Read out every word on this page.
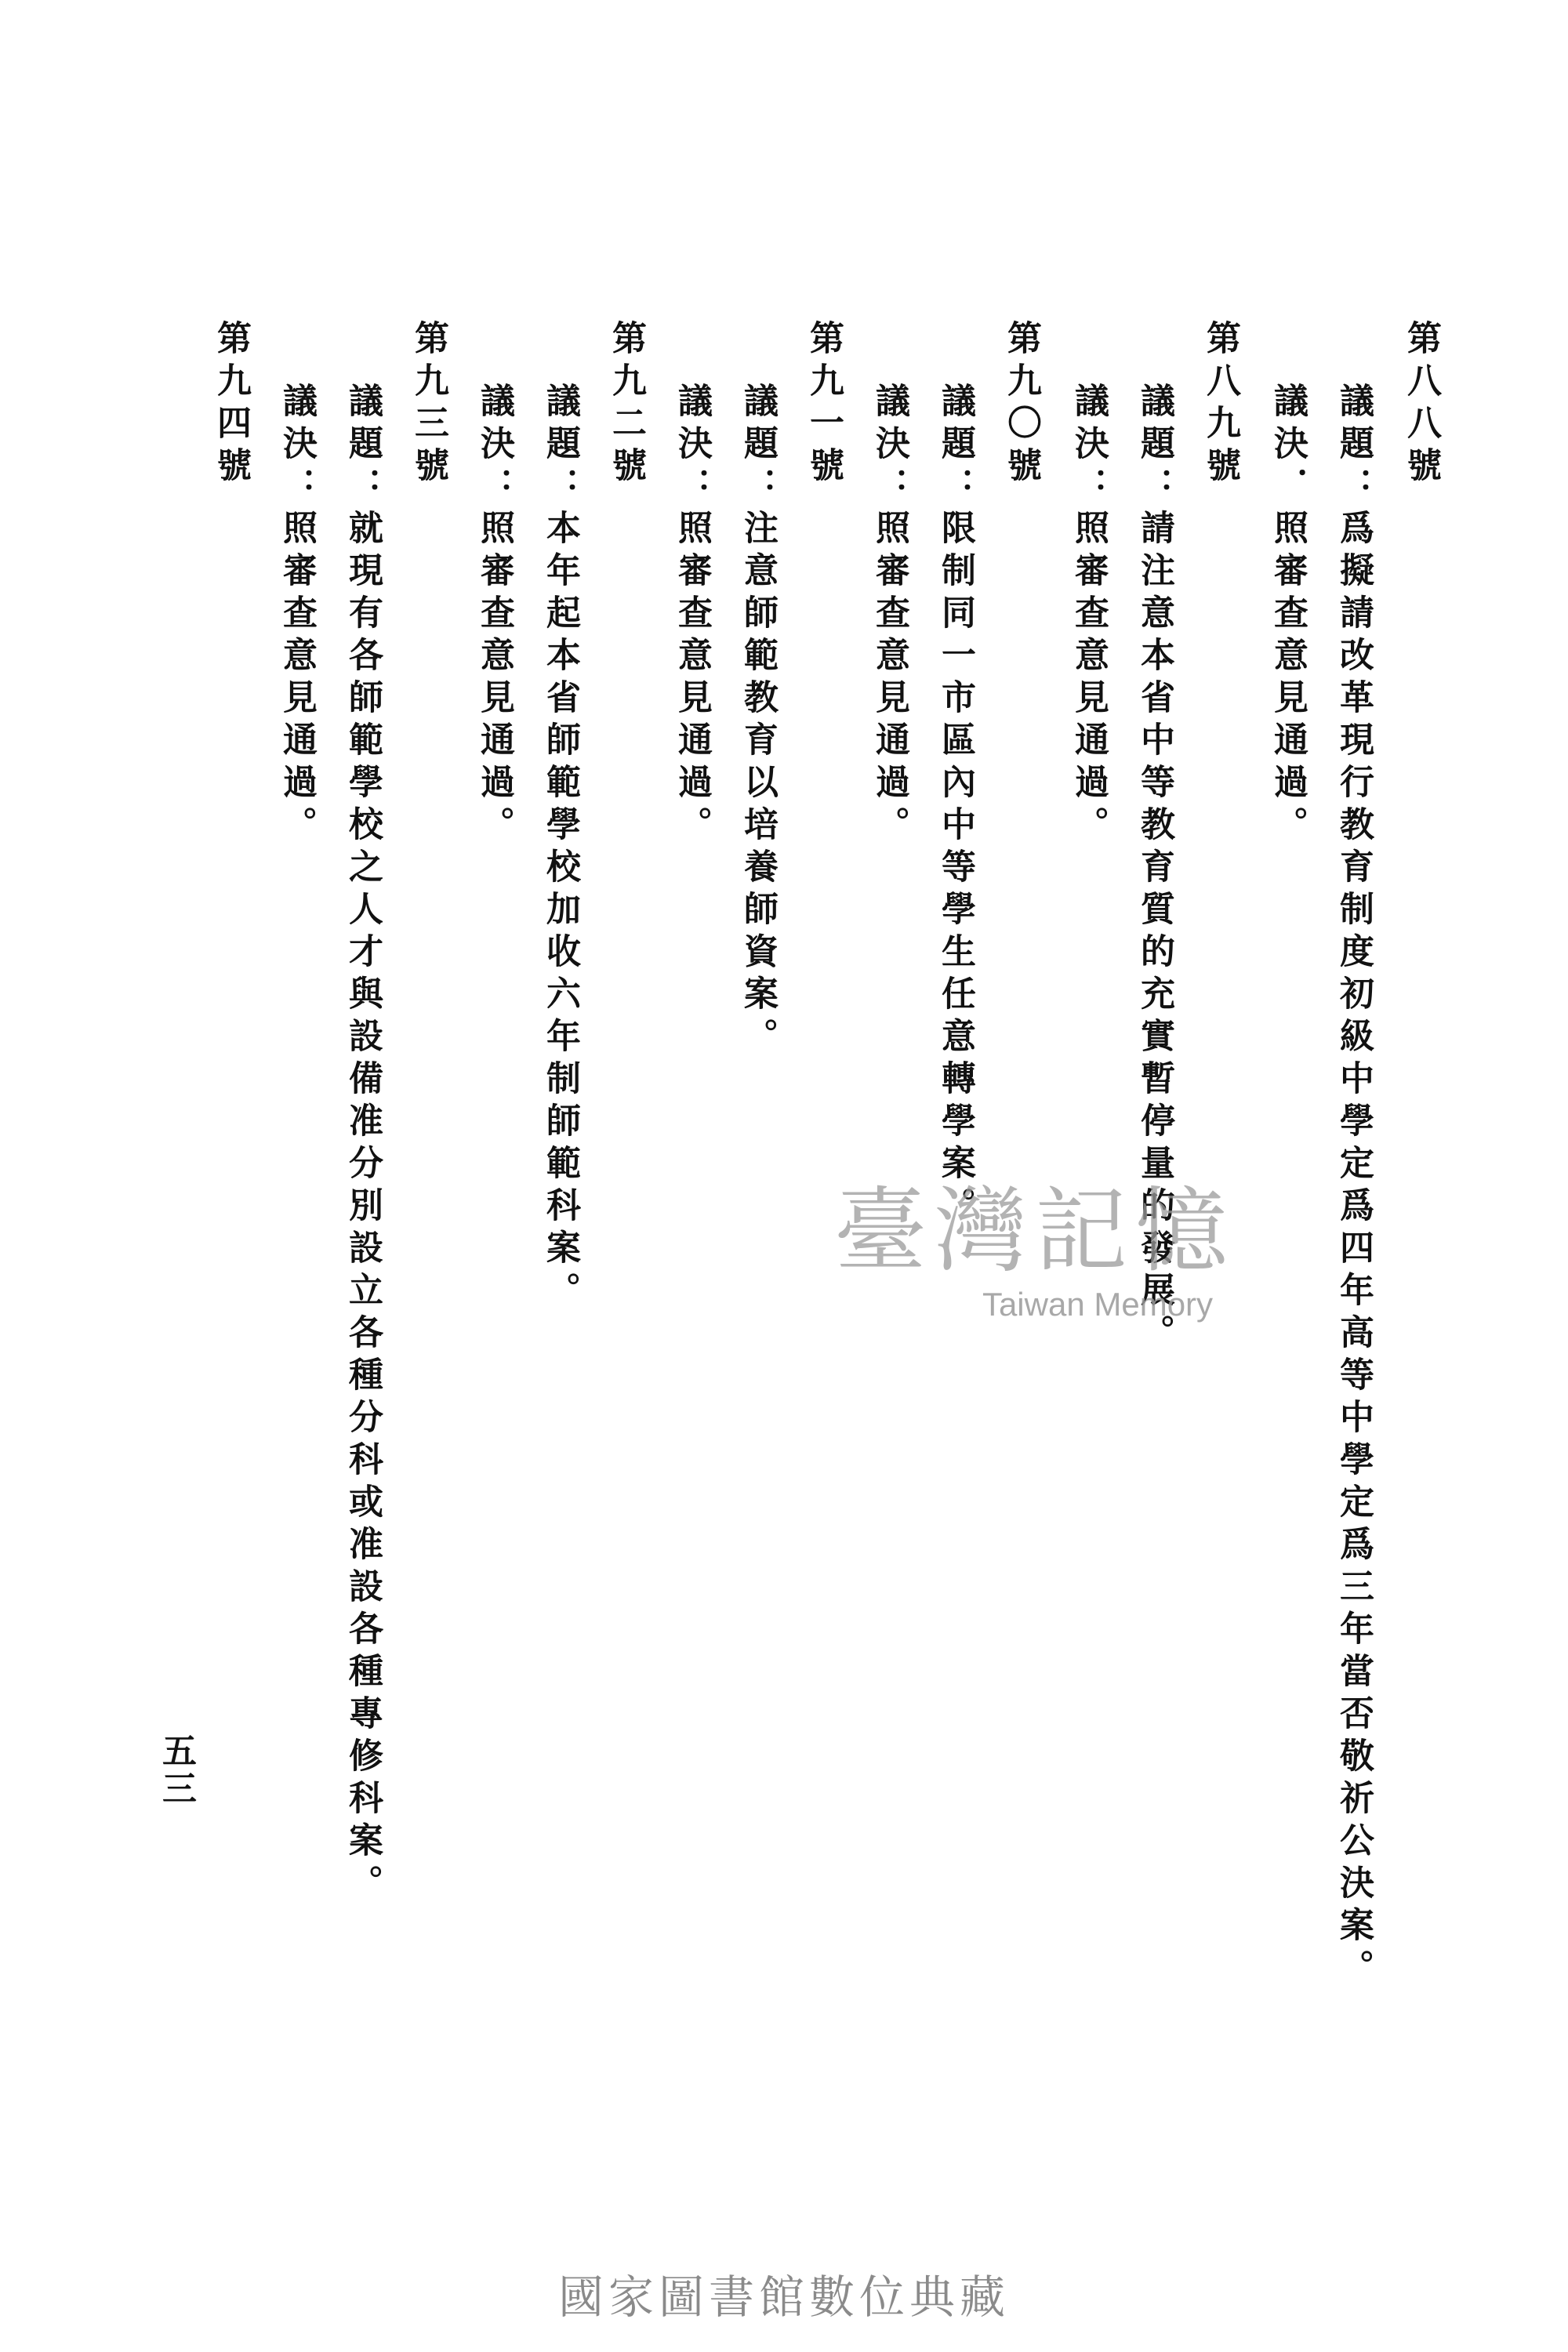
第八八號
議題：爲擬請改革現行教育制度初級中學定爲四年高等中學定爲三年當否敬祈公決案。
議決．照審查意見通過。
第八九號
議題：請注意本省中等教育質的充實暫停量的發展。
議決：照審查意見通過。
第九〇號
議題：限制同一市區內中等學生任意轉學案。
議決：照審查意見通過。
第九一號
議題：注意師範教育以培養師資案。
議決：照審查意見通過。
第九二號
議題：本年起本省師範學校加收六年制師範科案。
議決：照審查意見通過。
第九三號
議題：就現有各師範學校之人才與設備准分別設立各種分科或准設各種專修科案。
議決：照審查意見通過。
第九四號
五三
臺灣記憶
Taiwan Memory
國家圖書館數位典藏
